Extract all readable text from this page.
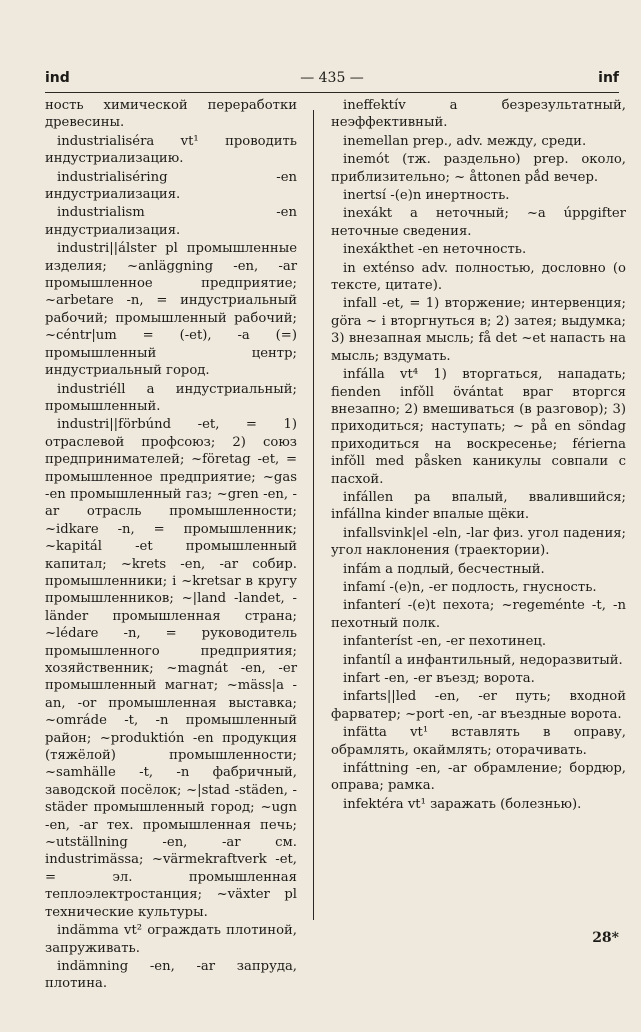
ind	— 435 —	inf

ность химической переработки древесины.

industrialiséra vt¹ проводить индустриализацию.

industrialiséring -en индустриализация.

industrialism -en индустриализация.

industri||álster pl промышленные изделия; ~anläggning -en, -ar промышленное предприятие; ~arbetare -n, = индустриальный рабочий; промышленный рабочий; ~céntr|um = (-et), -a (=) промышленный центр; индустриальный город.

industriéll a индустриальный; промышленный.

industri||förbúnd -et, = 1) отраслевой профсоюз; 2) союз предпринимателей; ~företag -et, = промышленное предприятие; ~gas -en промышленный газ; ~gren -en, -ar отрасль промышленности; ~idkare -n, = промышленник; ~kapitál -et промышленный капитал; ~krets -en, -ar собир. промышленники; i ~kretsar в кругу промышленников; ~|land -landet, -länder промышленная страна; ~lédare -n, = руководитель промышленного предприятия; хозяйственник; ~magnát -en, -er промышленный магнат; ~mäss|a -an, -or промышленная выставка; ~omráde -t, -n промышленный район; ~produktión -en продукция (тяжёлой) промышленности; ~samhälle -t, -n фабричный, заводской посёлок; ~|stad -städen, -städer промышленный город; ~ugn -en, -ar тех. промышленная печь; ~utställning -en, -ar см. industrimässa; ~värmekraftverk -et, = эл. промышленная теплоэлектростанция; ~växter pl технические культуры.

indämma vt² ограждать плотиной, запруживать.

indämning -en, -ar запруда, плотина.

ineffektív a безрезультатный, неэффективный.

inemellan prep., adv. между, среди.

inemót (тж. раздельно) prep. около, приблизительно; ~ åttonen pǻd вечер.

inertsí -(e)n инертность.

inexákt a неточный; ~a úppgifter неточные сведения.

inexákthet -en неточность.

in exténso adv. полностью, дословно (о тексте, цитате).

infall -et, = 1) вторжение; интервенция; göra ~ i вторгнуться в; 2) затея; выдумка; 3) внезапная мысль; få det ~et напасть на мысль; вздумать.

infálla vt⁴ 1) вторгаться, нападать; fienden infǒll övántat враг вторгся внезапно; 2) вмешиваться (в разговор); 3) приходиться; наступать; ~ på en söndag приходиться на воскресенье; férierna infǒll med påsken каникулы совпали с пасхой.

infállen pa впалый, ввалившийся; infállna kinder впалые щёки.

infallsvink|el -eln, -lar физ. угол падения; угол наклонения (траектории).

infám a подлый, бесчестный.

infamí -(e)n, -er подлость, гнусность.

infanterí -(e)t пехота; ~regeménte -t, -n пехотный полк.

infanteríst -en, -er пехотинец.

infantíl a инфантильный, недоразвитый.

infart -en, -er въезд; ворота.

infarts||led -en, -er путь; входной фарватер; ~port -en, -ar въездные ворота.

infätta vt¹ вставлять в оправу, обрамлять, окаймлять; оторачивать.

infáttning -en, -ar обрамление; бордюр, оправа; рамка.

infektéra vt¹ заражать (болезнью).

28*
